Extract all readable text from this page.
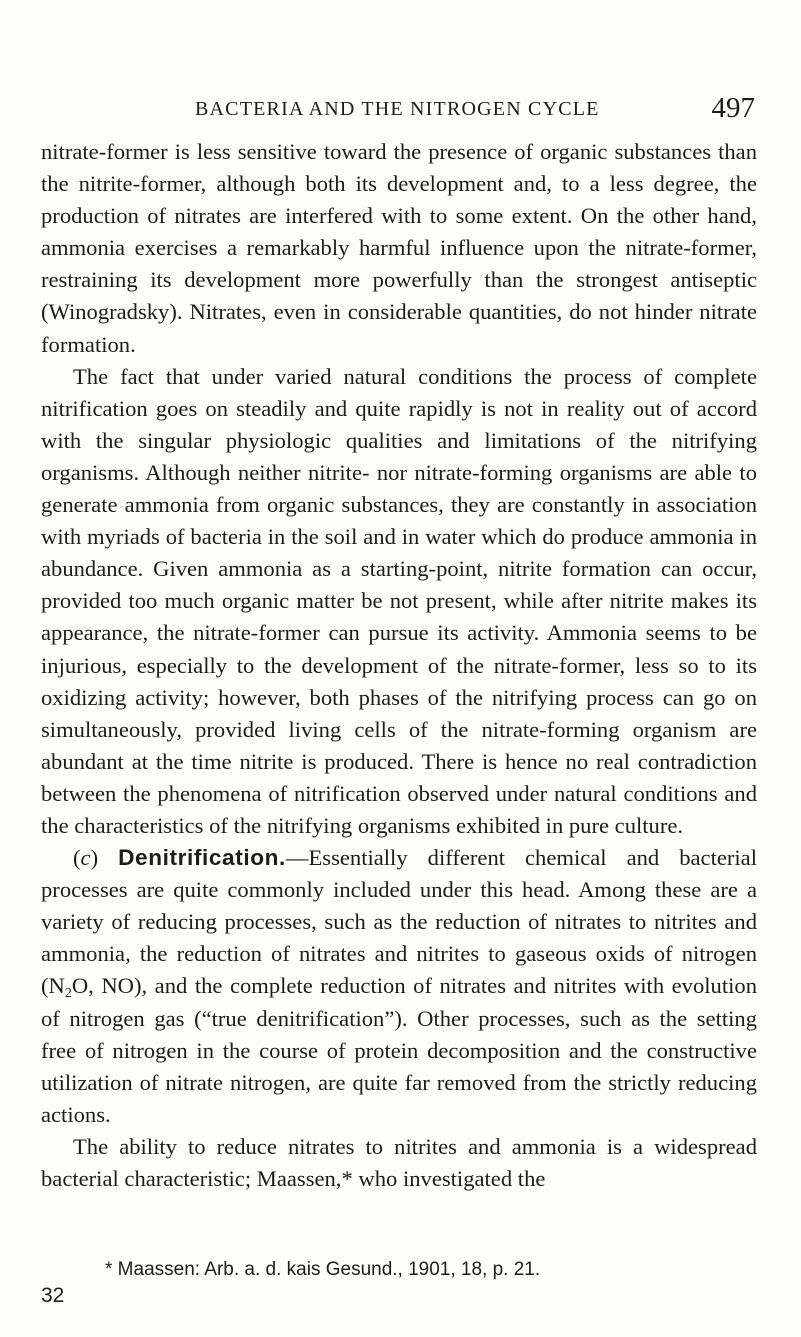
BACTERIA AND THE NITROGEN CYCLE	497

nitrate-former is less sensitive toward the presence of organic substances than the nitrite-former, although both its development and, to a less degree, the production of nitrates are interfered with to some extent. On the other hand, ammonia exercises a remarkably harmful influence upon the nitrate-former, restraining its development more powerfully than the strongest antiseptic (Winogradsky). Nitrates, even in considerable quantities, do not hinder nitrate formation.

The fact that under varied natural conditions the process of complete nitrification goes on steadily and quite rapidly is not in reality out of accord with the singular physiologic qualities and limitations of the nitrifying organisms. Although neither nitrite- nor nitrate-forming organisms are able to generate ammonia from organic substances, they are constantly in association with myriads of bacteria in the soil and in water which do produce ammonia in abundance. Given ammonia as a starting-point, nitrite formation can occur, provided too much organic matter be not present, while after nitrite makes its appearance, the nitrate-former can pursue its activity. Ammonia seems to be injurious, especially to the development of the nitrate-former, less so to its oxidizing activity; however, both phases of the nitrifying process can go on simultaneously, provided living cells of the nitrate-forming organism are abundant at the time nitrite is produced. There is hence no real contradiction between the phenomena of nitrification observed under natural conditions and the characteristics of the nitrifying organisms exhibited in pure culture.

(c) Denitrification.—Essentially different chemical and bacterial processes are quite commonly included under this head. Among these are a variety of reducing processes, such as the reduction of nitrates to nitrites and ammonia, the reduction of nitrates and nitrites to gaseous oxids of nitrogen ($N_2O$, NO), and the complete reduction of nitrates and nitrites with evolution of nitrogen gas (“true denitrification”). Other processes, such as the setting free of nitrogen in the course of protein decomposition and the constructive utilization of nitrate nitrogen, are quite far removed from the strictly reducing actions.

The ability to reduce nitrates to nitrites and ammonia is a widespread bacterial characteristic; Maassen,* who investigated the

* Maassen: Arb. a. d. kais Gesund., 1901, 18, p. 21.
32
